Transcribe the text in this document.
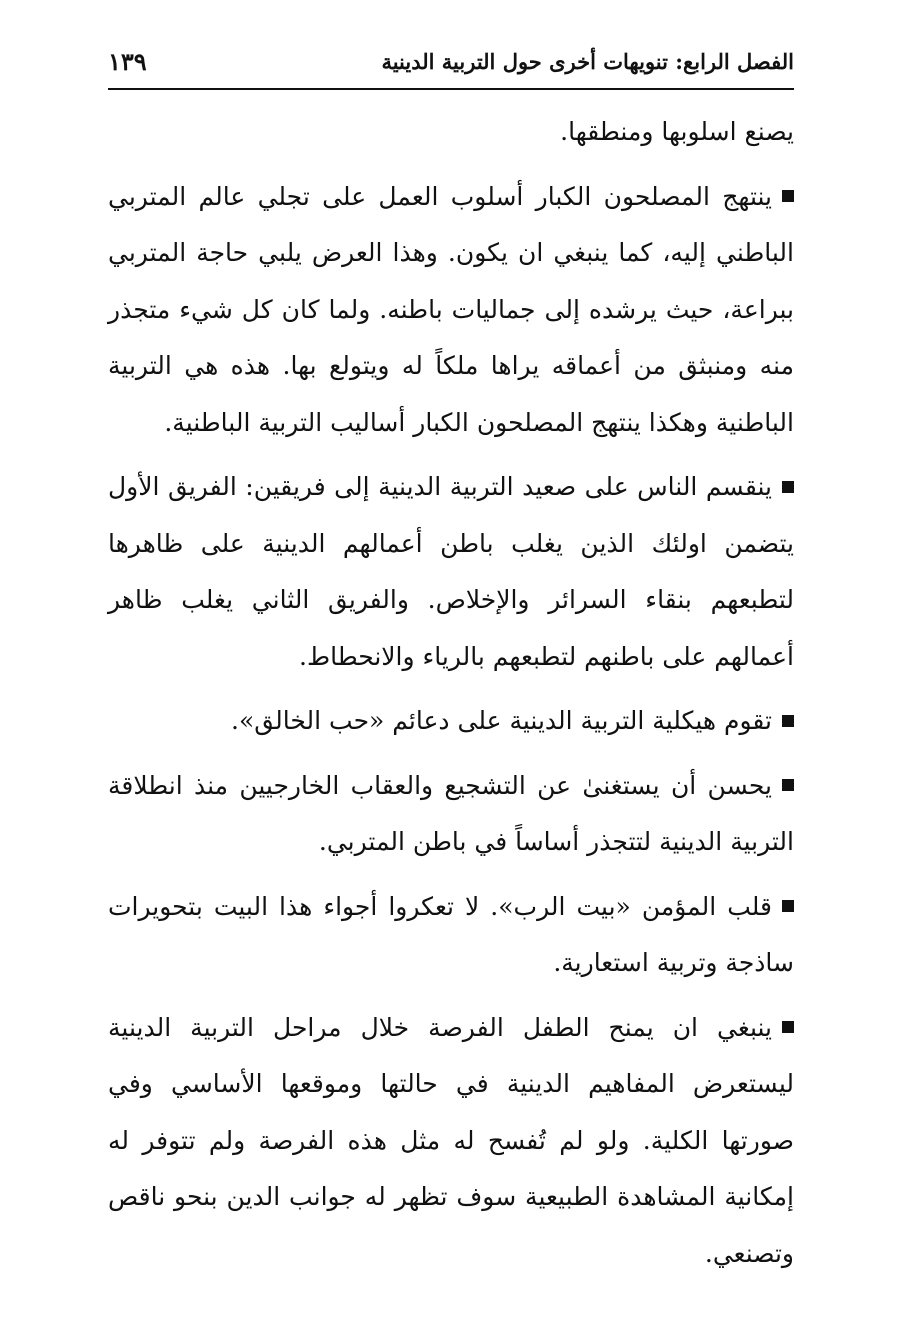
الفصل الرابع: تنويهات أخرى حول التربية الدينية
١٣٩

يصنع اسلوبها ومنطقها.

ينتهج المصلحون الكبار أسلوب العمل على تجلي عالم المتربي الباطني إليه، كما ينبغي ان يكون. وهذا العرض يلبي حاجة المتربي ببراعة، حيث يرشده إلى جماليات باطنه. ولما كان كل شيء متجذر منه ومنبثق من أعماقه يراها ملكاً له ويتولع بها. هذه هي التربية الباطنية وهكذا ينتهج المصلحون الكبار أساليب التربية الباطنية.

ينقسم الناس على صعيد التربية الدينية إلى فريقين: الفريق الأول يتضمن اولئك الذين يغلب باطن أعمالهم الدينية على ظاهرها لتطبعهم بنقاء السرائر والإخلاص. والفريق الثاني يغلب ظاهر أعمالهم على باطنهم لتطبعهم بالرياء والانحطاط.

تقوم هيكلية التربية الدينية على دعائم «حب الخالق».

يحسن أن يستغنىٰ عن التشجيع والعقاب الخارجيين منذ انطلاقة التربية الدينية لتتجذر أساساً في باطن المتربي.

قلب المؤمن «بيت الرب». لا تعكروا أجواء هذا البيت بتحويرات ساذجة وتربية استعارية.

ينبغي ان يمنح الطفل الفرصة خلال مراحل التربية الدينية ليستعرض المفاهيم الدينية في حالتها وموقعها الأساسي وفي صورتها الكلية. ولو لم تُفسح له مثل هذه الفرصة ولم تتوفر له إمكانية المشاهدة الطبيعية سوف تظهر له جوانب الدين بنحو ناقص وتصنعي.
